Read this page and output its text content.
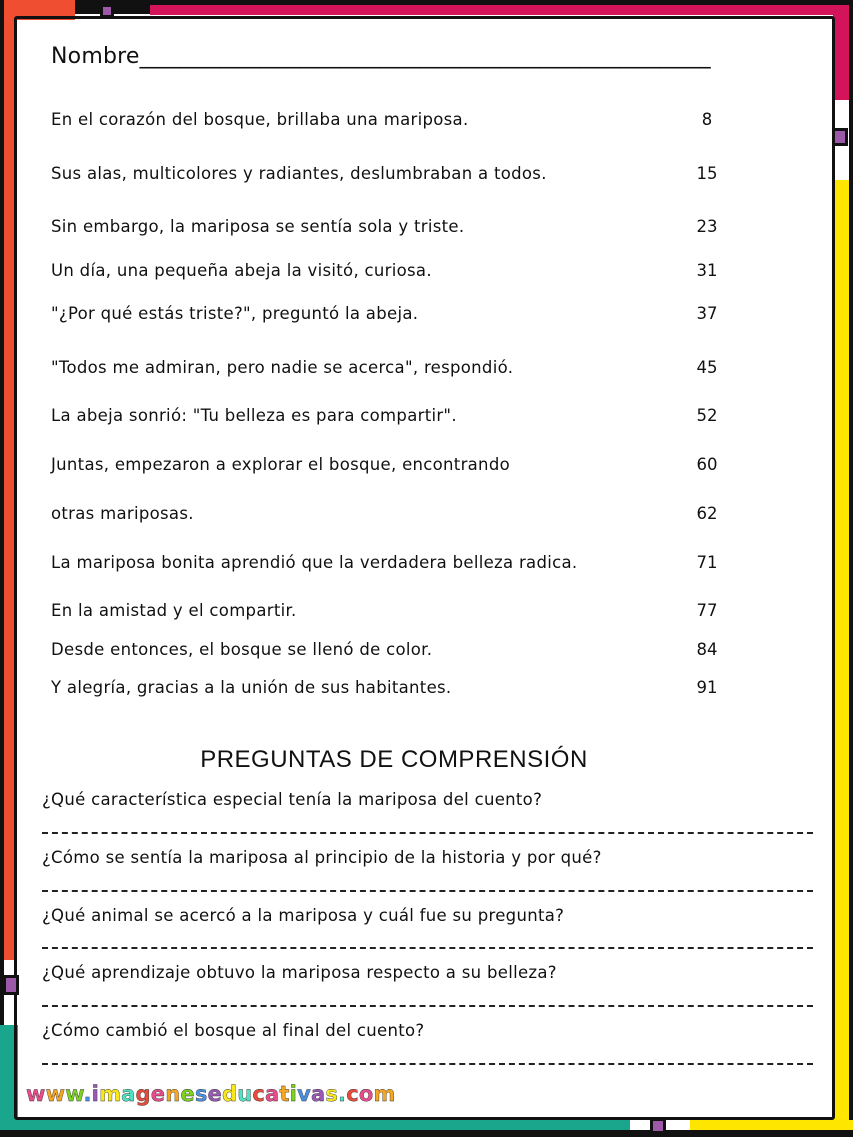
Nombre_________________________________________________________
En el corazón del bosque, brillaba una mariposa.	8
Sus alas, multicolores y radiantes, deslumbraban a todos.	15
Sin embargo, la mariposa se sentía sola y triste.	23
Un día, una pequeña abeja la visitó, curiosa.	31
"¿Por qué estás triste?", preguntó la abeja.	37
"Todos me admiran, pero nadie se acerca", respondió.	45
La abeja sonrió: "Tu belleza es para compartir".	52
Juntas, empezaron a explorar el bosque, encontrando	60
otras mariposas.	62
La mariposa bonita aprendió que la verdadera belleza radica.	71
En la amistad y el compartir.	77
Desde entonces, el bosque se llenó de color.	84
Y alegría, gracias a la unión de sus habitantes.	91
PREGUNTAS DE COMPRENSIÓN
¿Qué característica especial tenía la mariposa del cuento?
¿Cómo se sentía la mariposa al principio de la historia y por qué?
¿Qué animal se acercó a la mariposa y cuál fue su pregunta?
¿Qué aprendizaje obtuvo la mariposa respecto a su belleza?
¿Cómo cambió el bosque al final del cuento?
www.imageneseducativas.com
